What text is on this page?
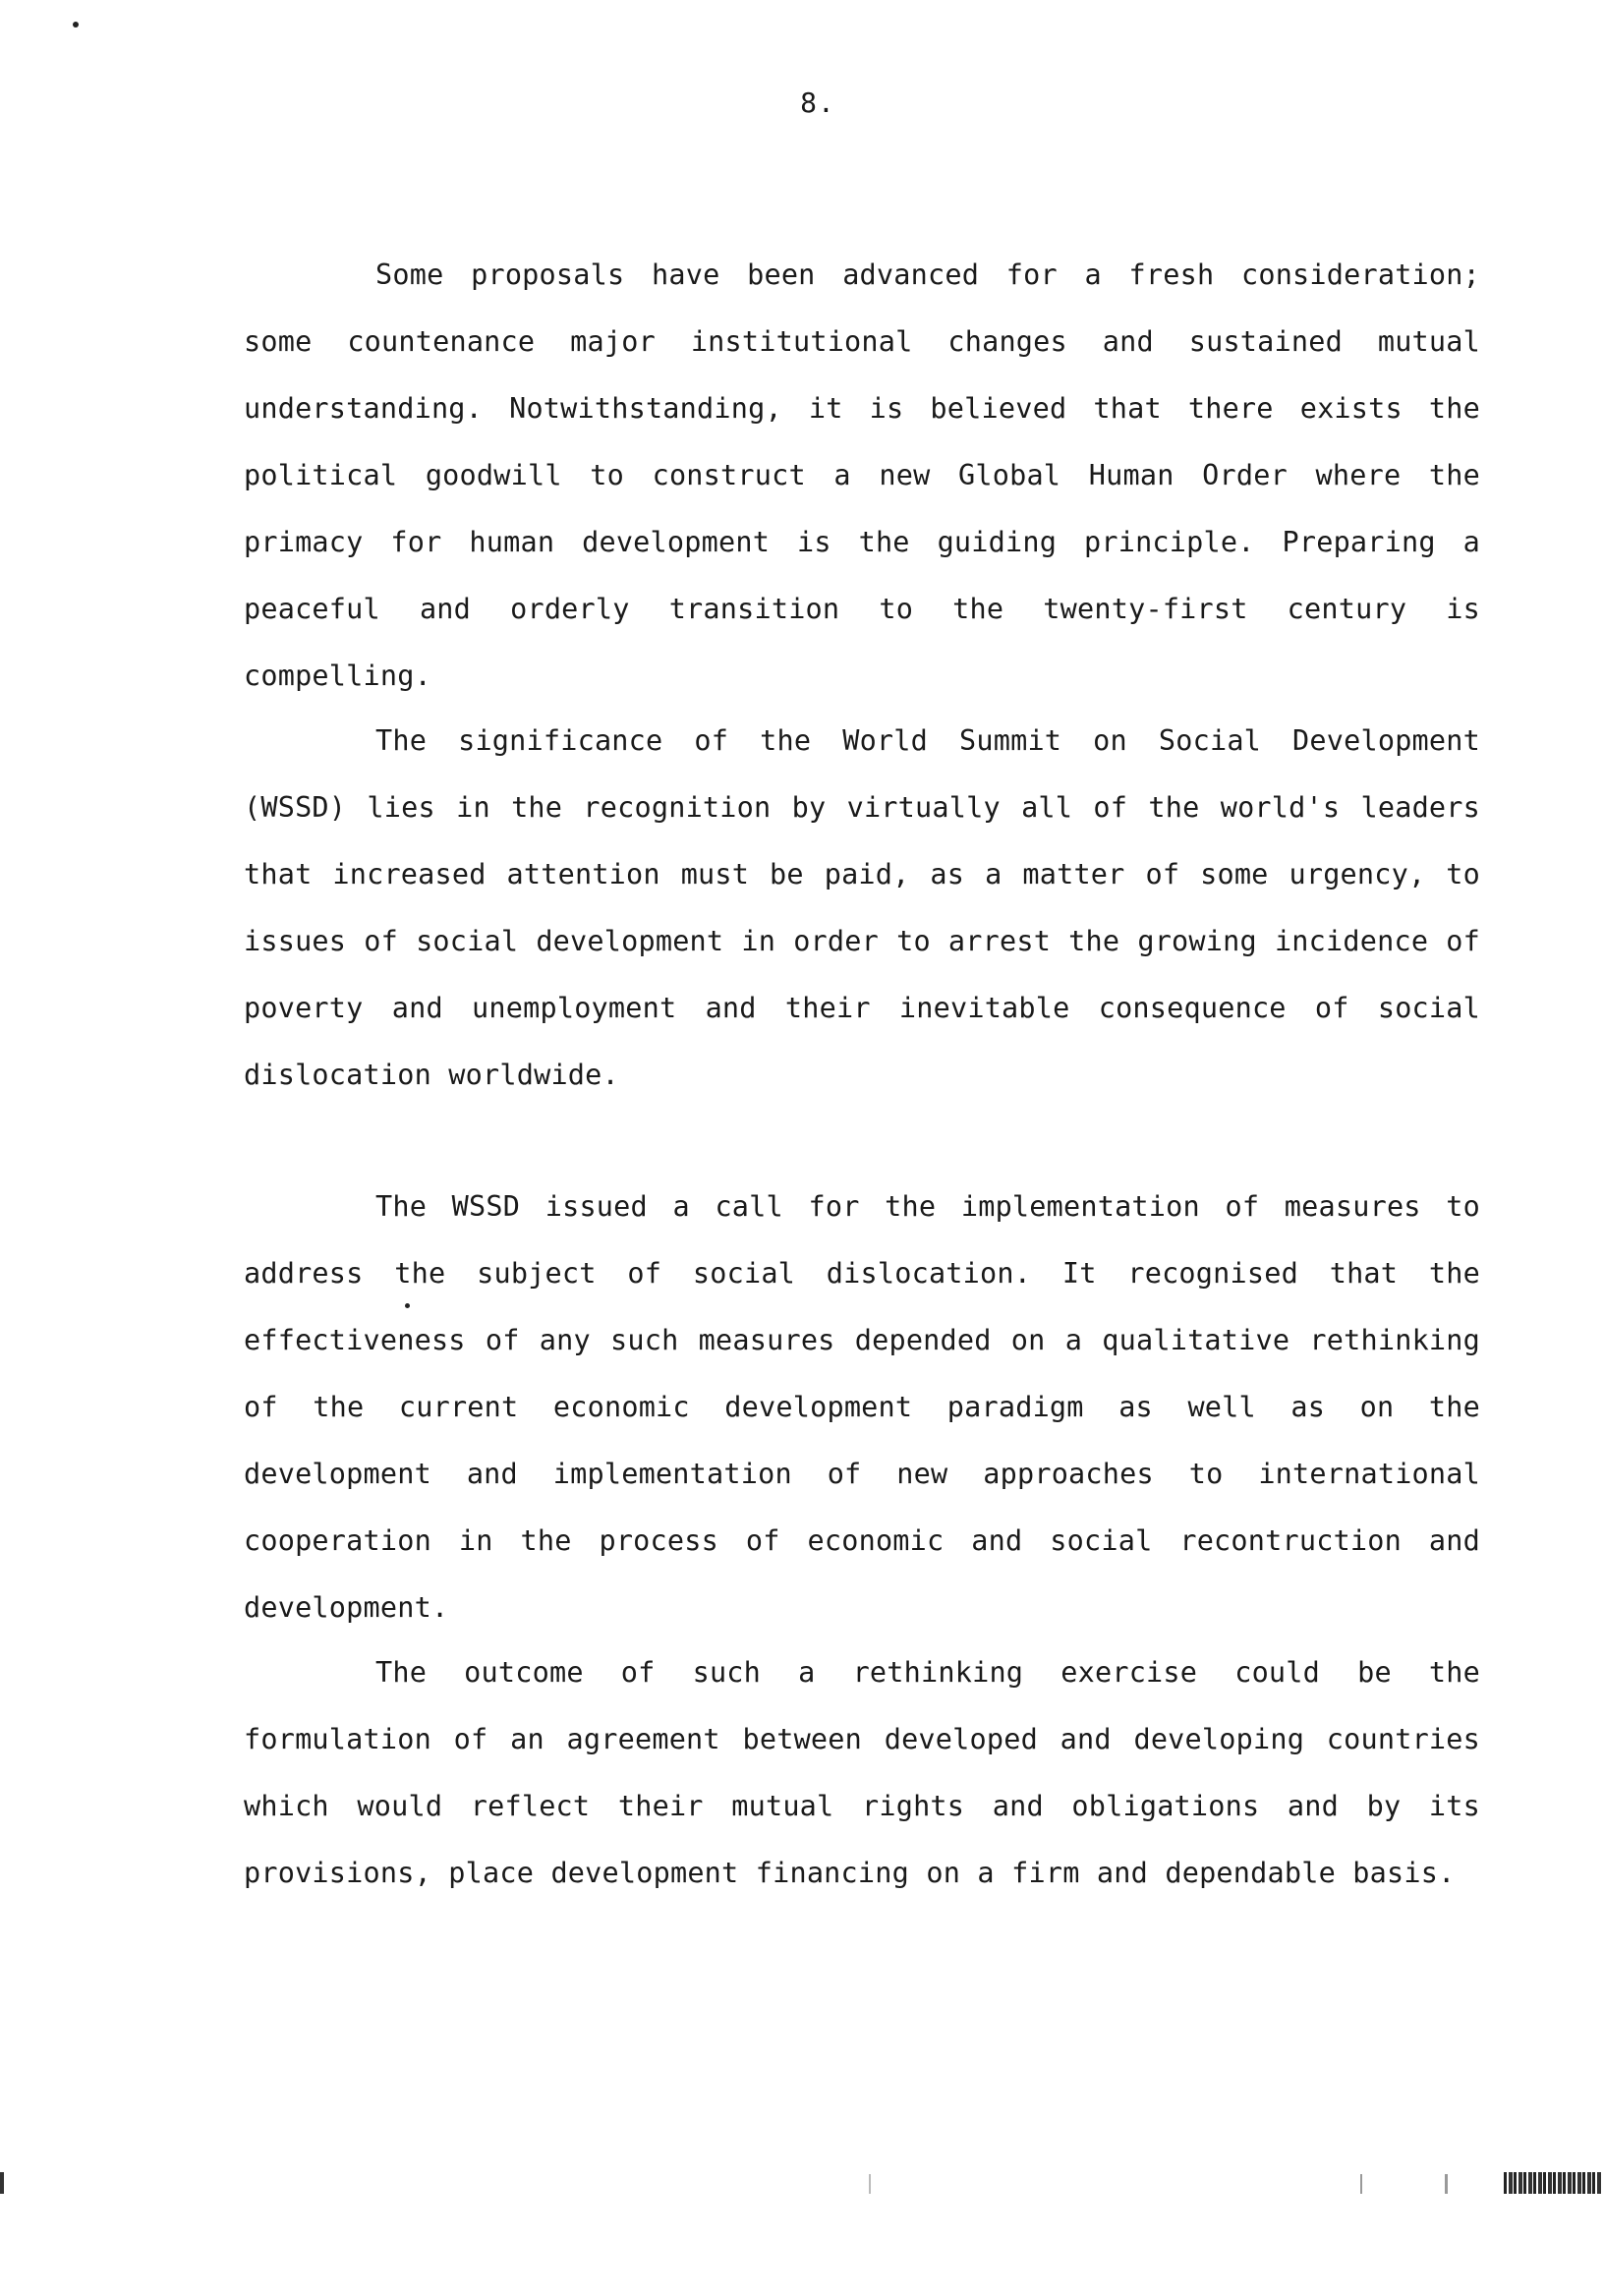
8.

Some proposals have been advanced for a fresh consideration; some countenance major institutional changes and sustained mutual understanding. Notwithstanding, it is believed that there exists the political goodwill to construct a new Global Human Order where the primacy for human development is the guiding principle. Preparing a peaceful and orderly transition to the twenty-first century is compelling.

The significance of the World Summit on Social Development (WSSD) lies in the recognition by virtually all of the world's leaders that increased attention must be paid, as a matter of some urgency, to issues of social development in order to arrest the growing incidence of poverty and unemployment and their inevitable consequence of social dislocation worldwide.

The WSSD issued a call for the implementation of measures to address the subject of social dislocation. It recognised that the effectiveness of any such measures depended on a qualitative rethinking of the current economic development paradigm as well as on the development and implementation of new approaches to international cooperation in the process of economic and social recontruction and development.

The outcome of such a rethinking exercise could be the formulation of an agreement between developed and developing countries which would reflect their mutual rights and obligations and by its provisions, place development financing on a firm and dependable basis.
